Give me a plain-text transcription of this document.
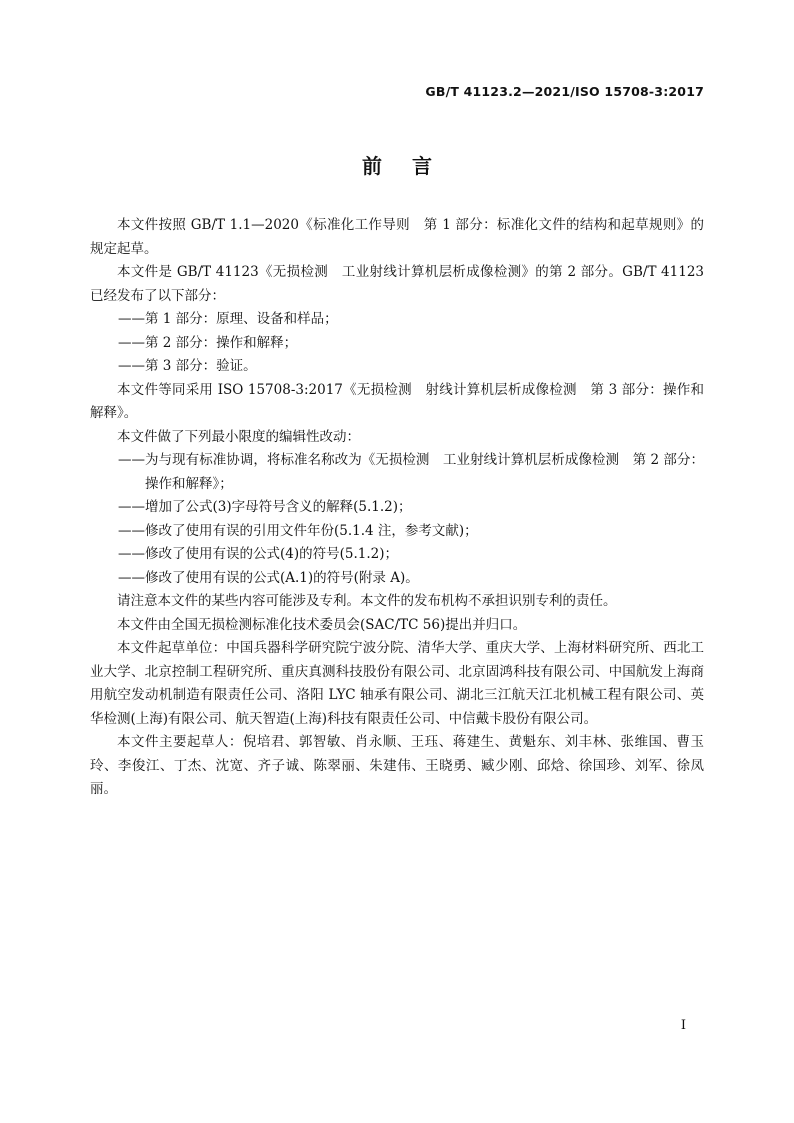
GB/T 41123.2—2021/ISO 15708-3:2017
前言

本文件按照 GB/T 1.1—2020《标准化工作导则　第 1 部分：标准化文件的结构和起草规则》的规定起草。

本文件是 GB/T 41123《无损检测　工业射线计算机层析成像检测》的第 2 部分。GB/T 41123 已经发布了以下部分：

——第 1 部分：原理、设备和样品；

——第 2 部分：操作和解释；

——第 3 部分：验证。

本文件等同采用 ISO 15708-3:2017《无损检测　射线计算机层析成像检测　第 3 部分：操作和解释》。

本文件做了下列最小限度的编辑性改动：

——为与现有标准协调，将标准名称改为《无损检测　工业射线计算机层析成像检测　第 2 部分：操作和解释》；

——增加了公式(3)字母符号含义的解释(5.1.2)；

——修改了使用有误的引用文件年份(5.1.4 注，参考文献)；

——修改了使用有误的公式(4)的符号(5.1.2)；

——修改了使用有误的公式(A.1)的符号(附录 A)。

请注意本文件的某些内容可能涉及专利。本文件的发布机构不承担识别专利的责任。

本文件由全国无损检测标准化技术委员会(SAC/TC 56)提出并归口。

本文件起草单位：中国兵器科学研究院宁波分院、清华大学、重庆大学、上海材料研究所、西北工业大学、北京控制工程研究所、重庆真测科技股份有限公司、北京固鸿科技有限公司、中国航发上海商用航空发动机制造有限责任公司、洛阳 LYC 轴承有限公司、湖北三江航天江北机械工程有限公司、英华检测(上海)有限公司、航天智造(上海)科技有限责任公司、中信戴卡股份有限公司。

本文件主要起草人：倪培君、郭智敏、肖永顺、王珏、蒋建生、黄魁东、刘丰林、张维国、曹玉玲、李俊江、丁杰、沈宽、齐子诚、陈翠丽、朱建伟、王晓勇、臧少刚、邱焓、徐国珍、刘军、徐凤丽。

I
